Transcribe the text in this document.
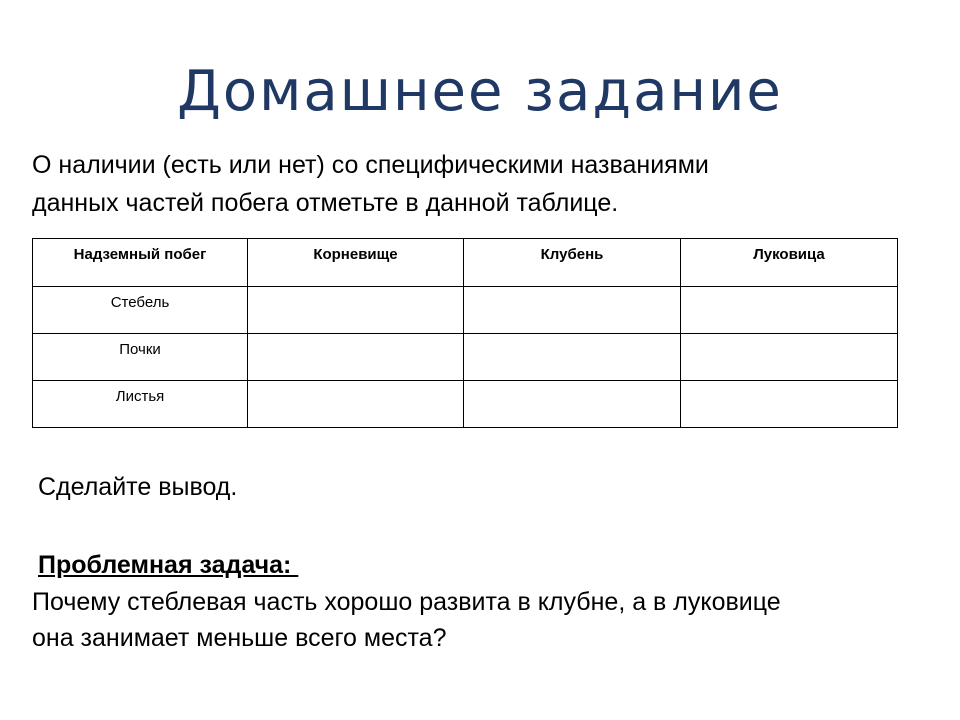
Домашнее задание
О наличии (есть или нет) со специфическими названиями
данных частей побега отметьте в данной таблице.
Надземный побег	Корневище	Клубень	Луковица
Стебель			
Почки			
Листья			
Сделайте вывод.
Проблемная задача:
Почему стеблевая часть хорошо развита в клубне, а в луковице
она занимает меньше всего места?
